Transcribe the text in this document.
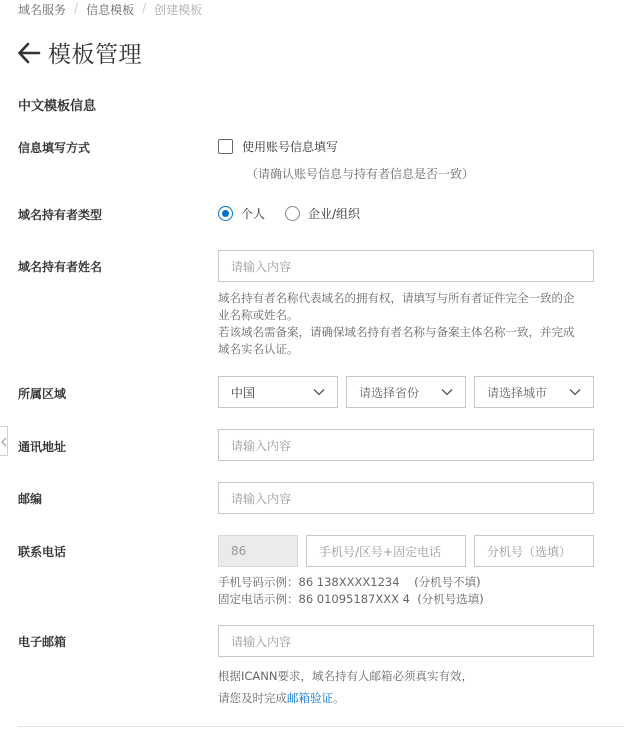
域名服务 / 信息模板 / 创建模板
模板管理
中文模板信息
信息填写方式	使用账号信息填写
（请确认账号信息与持有者信息是否一致）
域名持有者类型	个人	企业/组织
域名持有者姓名	请输入内容
域名持有者名称代表域名的拥有权，请填写与所有者证件完全一致的企
业名称或姓名。
若该域名需备案，请确保域名持有者名称与备案主体名称一致，并完成
域名实名认证。
所属区域	中国	请选择省份	请选择城市
通讯地址	请输入内容
邮编	请输入内容
联系电话	86	手机号/区号+固定电话	分机号（选填）
手机号码示例：86 138XXXX1234    (分机号不填)
固定电话示例：86 01095187XXX 4  (分机号选填)
电子邮箱	请输入内容
根据ICANN要求，域名持有人邮箱必须真实有效，
请您及时完成邮箱验证。
